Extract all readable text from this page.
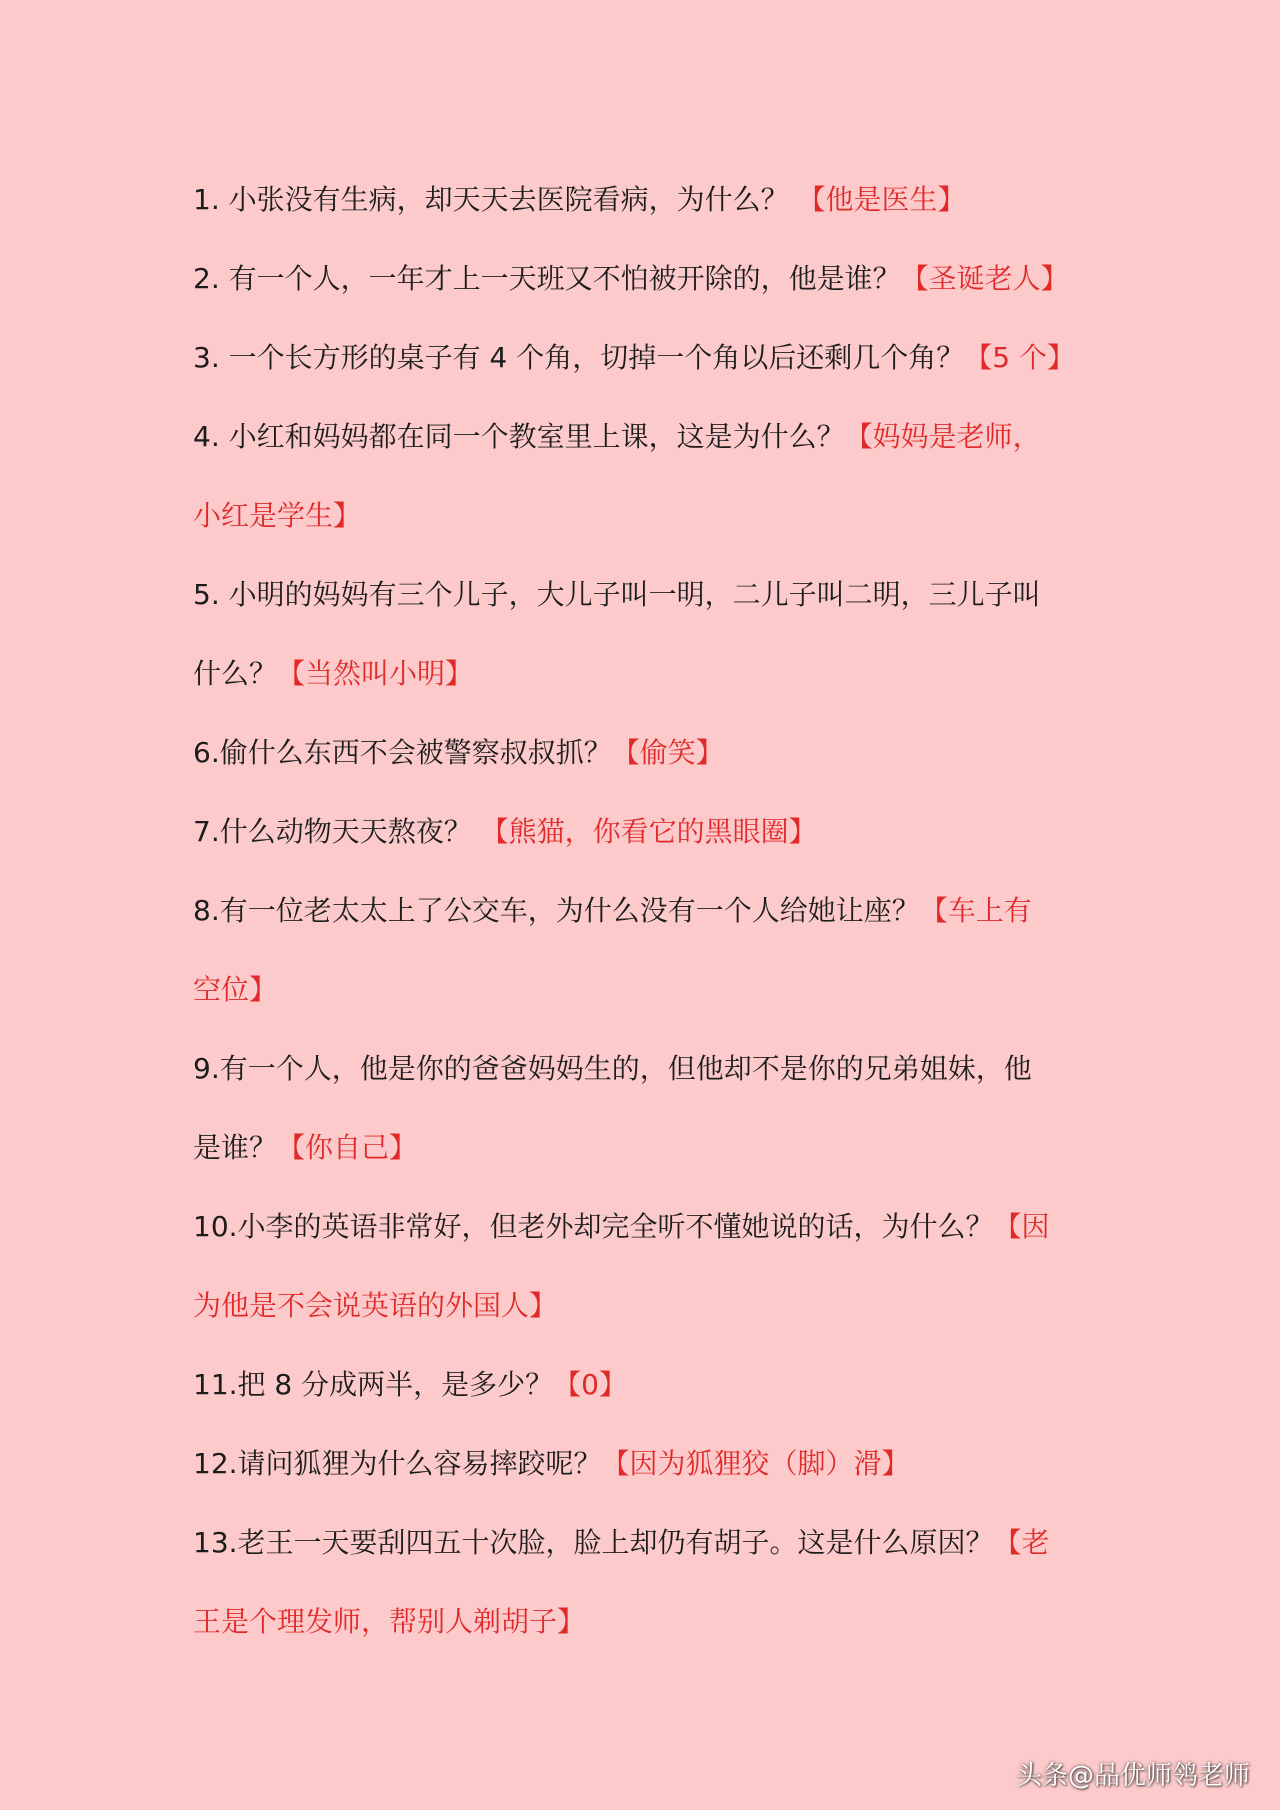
1. 小张没有生病，却天天去医院看病，为什么？ 【他是医生】
2. 有一个人，一年才上一天班又不怕被开除的，他是谁？【圣诞老人】
3. 一个长方形的桌子有 4 个角，切掉一个角以后还剩几个角？【5 个】
4. 小红和妈妈都在同一个教室里上课，这是为什么？【妈妈是老师，
小红是学生】
5. 小明的妈妈有三个儿子，大儿子叫一明，二儿子叫二明，三儿子叫
什么？【当然叫小明】
6.偷什么东西不会被警察叔叔抓？【偷笑】
7.什么动物天天熬夜？ 【熊猫，你看它的黑眼圈】
8.有一位老太太上了公交车，为什么没有一个人给她让座？【车上有
空位】
9.有一个人，他是你的爸爸妈妈生的，但他却不是你的兄弟姐妹，他
是谁？【你自己】
10.小李的英语非常好，但老外却完全听不懂她说的话，为什么？【因
为他是不会说英语的外国人】
11.把 8 分成两半，是多少？【0】
12.请问狐狸为什么容易摔跤呢？【因为狐狸狡（脚）滑】
13.老王一天要刮四五十次脸，脸上却仍有胡子。这是什么原因？【老
王是个理发师，帮别人剃胡子】
头条@品优师鸰老师
